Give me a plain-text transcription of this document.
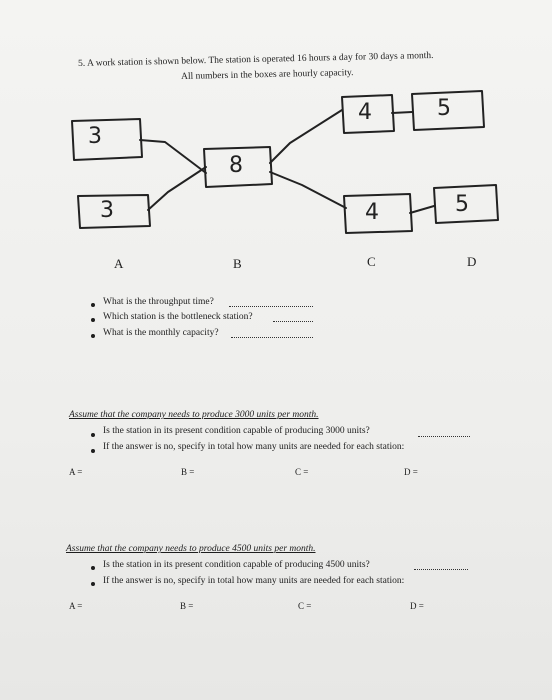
5. A work station is shown below. The station is operated 16 hours a day for 30 days a month.
All numbers in the boxes are hourly capacity.
3
3
8
4	5
4	5
A	B	C	D
What is the throughput time?
Which station is the bottleneck station?
What is the monthly capacity?
Assume that the company needs to produce 3000 units per month.
Is the station in its present condition capable of producing 3000 units?
If the answer is no, specify in total how many units are needed for each station:
A =	B =	C =	D =
Assume that the company needs to produce 4500 units per month.
Is the station in its present condition capable of producing 4500 units?
If the answer is no, specify in total how many units are needed for each station:
A =	B =	C =	D =
